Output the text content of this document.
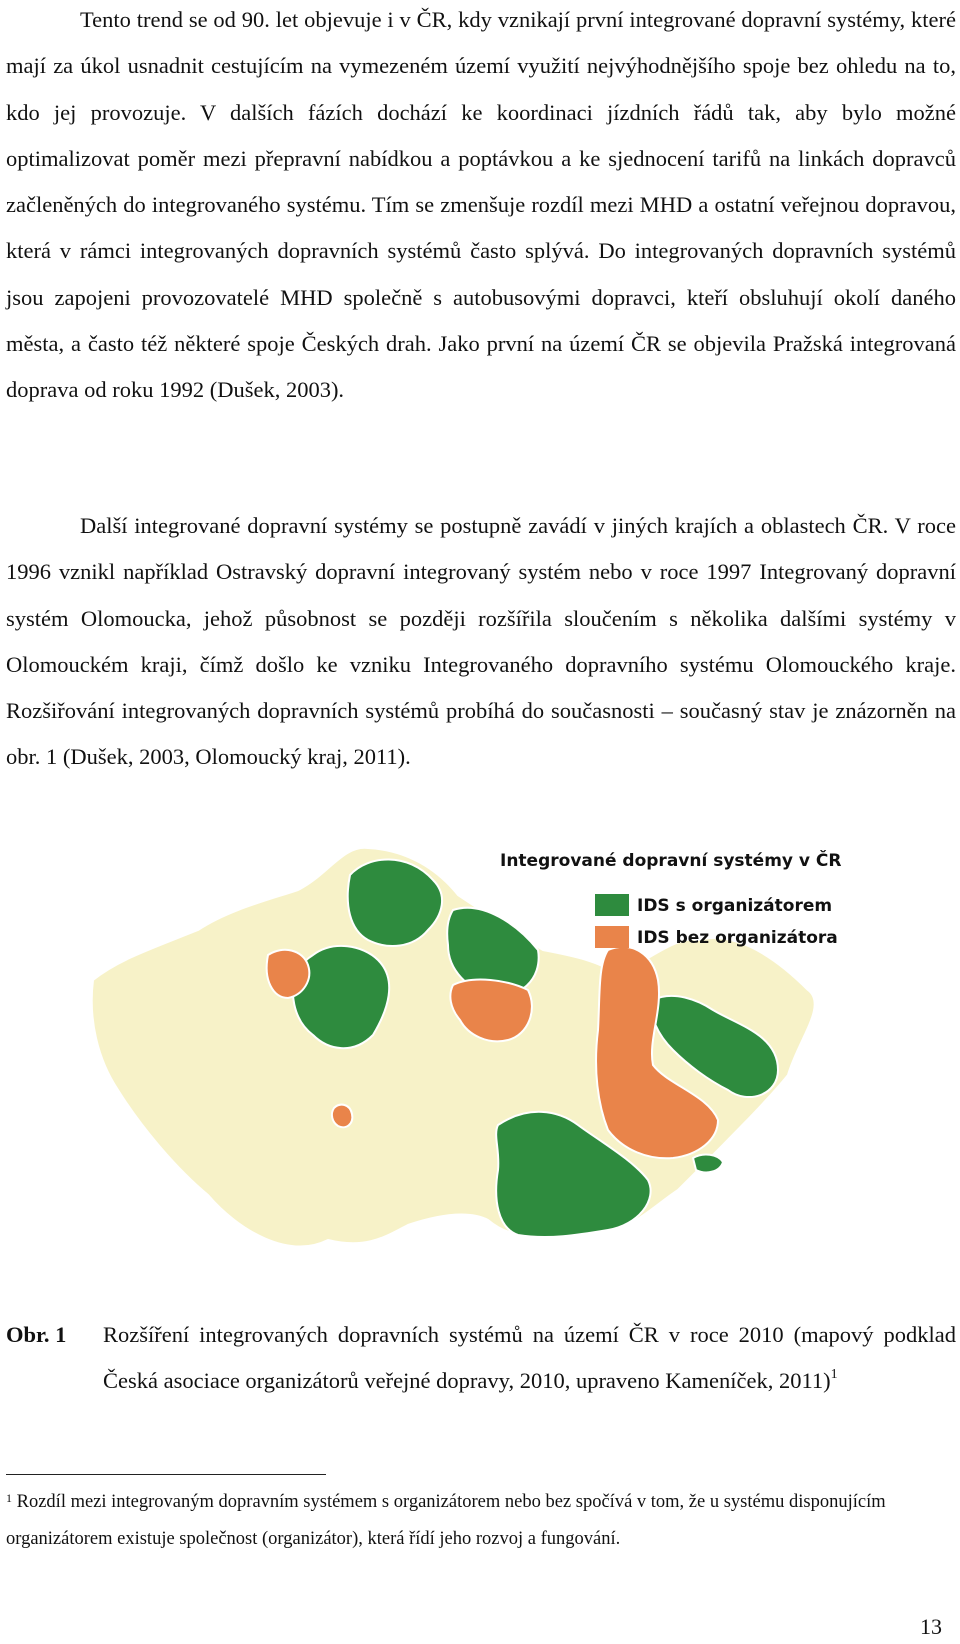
Tento trend se od 90. let objevuje i v ČR, kdy vznikají první integrované dopravní systémy, které mají za úkol usnadnit cestujícím na vymezeném území využití nejvýhodnějšího spoje bez ohledu na to, kdo jej provozuje. V dalších fázích dochází ke koordinaci jízdních řádů tak, aby bylo možné optimalizovat poměr mezi přepravní nabídkou a poptávkou a ke sjednocení tarifů na linkách dopravců začleněných do integrovaného systému. Tím se zmenšuje rozdíl mezi MHD a ostatní veřejnou dopravou, která v rámci integrovaných dopravních systémů často splývá. Do integrovaných dopravních systémů jsou zapojeni provozovatelé MHD společně s autobusovými dopravci, kteří obsluhují okolí daného města, a často též některé spoje Českých drah. Jako první na území ČR se objevila Pražská integrovaná doprava od roku 1992 (Dušek, 2003).

Další integrované dopravní systémy se postupně zavádí v jiných krajích a oblastech ČR. V roce 1996 vznikl například Ostravský dopravní integrovaný systém nebo v roce 1997 Integrovaný dopravní systém Olomoucka, jehož působnost se později rozšířila sloučením s několika dalšími systémy v Olomouckém kraji, čímž došlo ke vzniku Integrovaného dopravního systému Olomouckého kraje. Rozšiřování integrovaných dopravních systémů probíhá do současnosti – současný stav je znázorněn na obr. 1 (Dušek, 2003, Olomoucký kraj, 2011).

Integrované dopravní systémy v ČR
IDS s organizátorem
IDS bez organizátora
Obr. 1 Rozšíření integrovaných dopravních systémů na území ČR v roce 2010 (mapový podklad Česká asociace organizátorů veřejné dopravy, 2010, upraveno Kameníček, 2011)$^1$
$^1$ Rozdíl mezi integrovaným dopravním systémem s organizátorem nebo bez spočívá v tom, že u systému disponujícím organizátorem existuje společnost (organizátor), která řídí jeho rozvoj a fungování.
13
